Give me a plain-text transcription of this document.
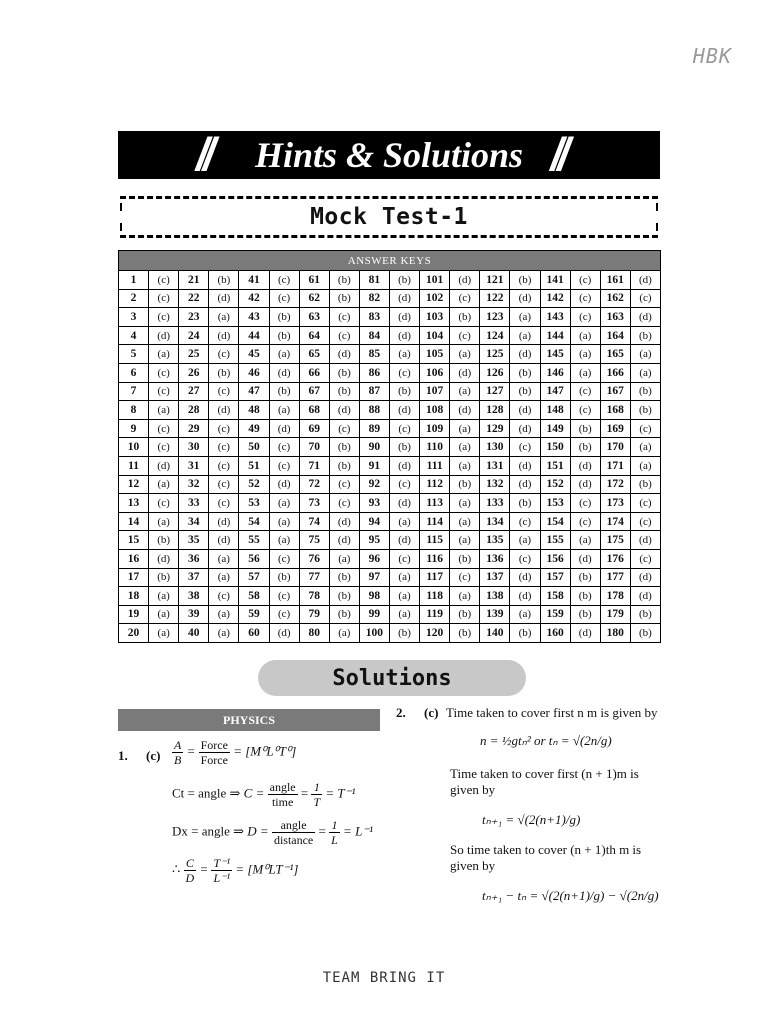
HBK
// Hints & Solutions //
Mock Test-1
ANSWER KEYS																	
1	(c)	21	(b)	41	(c)	61	(b)	81	(b)	101	(d)	121	(b)	141	(c)	161	(d)
2	(c)	22	(d)	42	(c)	62	(b)	82	(d)	102	(c)	122	(d)	142	(c)	162	(c)
3	(c)	23	(a)	43	(b)	63	(c)	83	(d)	103	(b)	123	(a)	143	(c)	163	(d)
4	(d)	24	(d)	44	(b)	64	(c)	84	(d)	104	(c)	124	(a)	144	(a)	164	(b)
5	(a)	25	(c)	45	(a)	65	(d)	85	(a)	105	(a)	125	(d)	145	(a)	165	(a)
6	(c)	26	(b)	46	(d)	66	(b)	86	(c)	106	(d)	126	(b)	146	(a)	166	(a)
7	(c)	27	(c)	47	(b)	67	(b)	87	(b)	107	(a)	127	(b)	147	(c)	167	(b)
8	(a)	28	(d)	48	(a)	68	(d)	88	(d)	108	(d)	128	(d)	148	(c)	168	(b)
9	(c)	29	(c)	49	(d)	69	(c)	89	(c)	109	(a)	129	(d)	149	(b)	169	(c)
10	(c)	30	(c)	50	(c)	70	(b)	90	(b)	110	(a)	130	(c)	150	(b)	170	(a)
11	(d)	31	(c)	51	(c)	71	(b)	91	(d)	111	(a)	131	(d)	151	(d)	171	(a)
12	(a)	32	(c)	52	(d)	72	(c)	92	(c)	112	(b)	132	(d)	152	(d)	172	(b)
13	(c)	33	(c)	53	(a)	73	(c)	93	(d)	113	(a)	133	(b)	153	(c)	173	(c)
14	(a)	34	(d)	54	(a)	74	(d)	94	(a)	114	(a)	134	(c)	154	(c)	174	(c)
15	(b)	35	(d)	55	(a)	75	(d)	95	(d)	115	(a)	135	(a)	155	(a)	175	(d)
16	(d)	36	(a)	56	(c)	76	(a)	96	(c)	116	(b)	136	(c)	156	(d)	176	(c)
17	(b)	37	(a)	57	(b)	77	(b)	97	(a)	117	(c)	137	(d)	157	(b)	177	(d)
18	(a)	38	(c)	58	(c)	78	(b)	98	(a)	118	(a)	138	(d)	158	(b)	178	(d)
19	(a)	39	(a)	59	(c)	79	(b)	99	(a)	119	(b)	139	(a)	159	(b)	179	(b)
20	(a)	40	(a)	60	(d)	80	(a)	100	(b)	120	(b)	140	(b)	160	(d)	180	(b)
Solutions
PHYSICS
1. $(c) \frac{A}{B} = \frac{\text{Force}}{\text{Force}} = [M^0L^0T^0]$
Ct = angle ⇒ $C = \frac{\text{angle}}{\text{time}} = \frac{1}{T} = T^{-1}$
Dx = angle ⇒ $D = \frac{\text{angle}}{\text{distance}} = \frac{1}{L} = L^{-1}$
∴ $\frac{C}{D} = \frac{\text{T⁻¹}}{\text{L⁻¹}} = [M^0LT^{-1}]$
2. (c) Time taken to cover first n m is given by
n = ½gtₙ² or tₙ = √(2n/g)
Time taken to cover first (n + 1)m is given by
tₙ₊₁ = √(2(n+1)/g)
So time taken to cover (n + 1)th m is given by
tₙ₊₁ − tₙ = √(2(n+1)/g) − √(2n/g)
TEAM BRING IT
